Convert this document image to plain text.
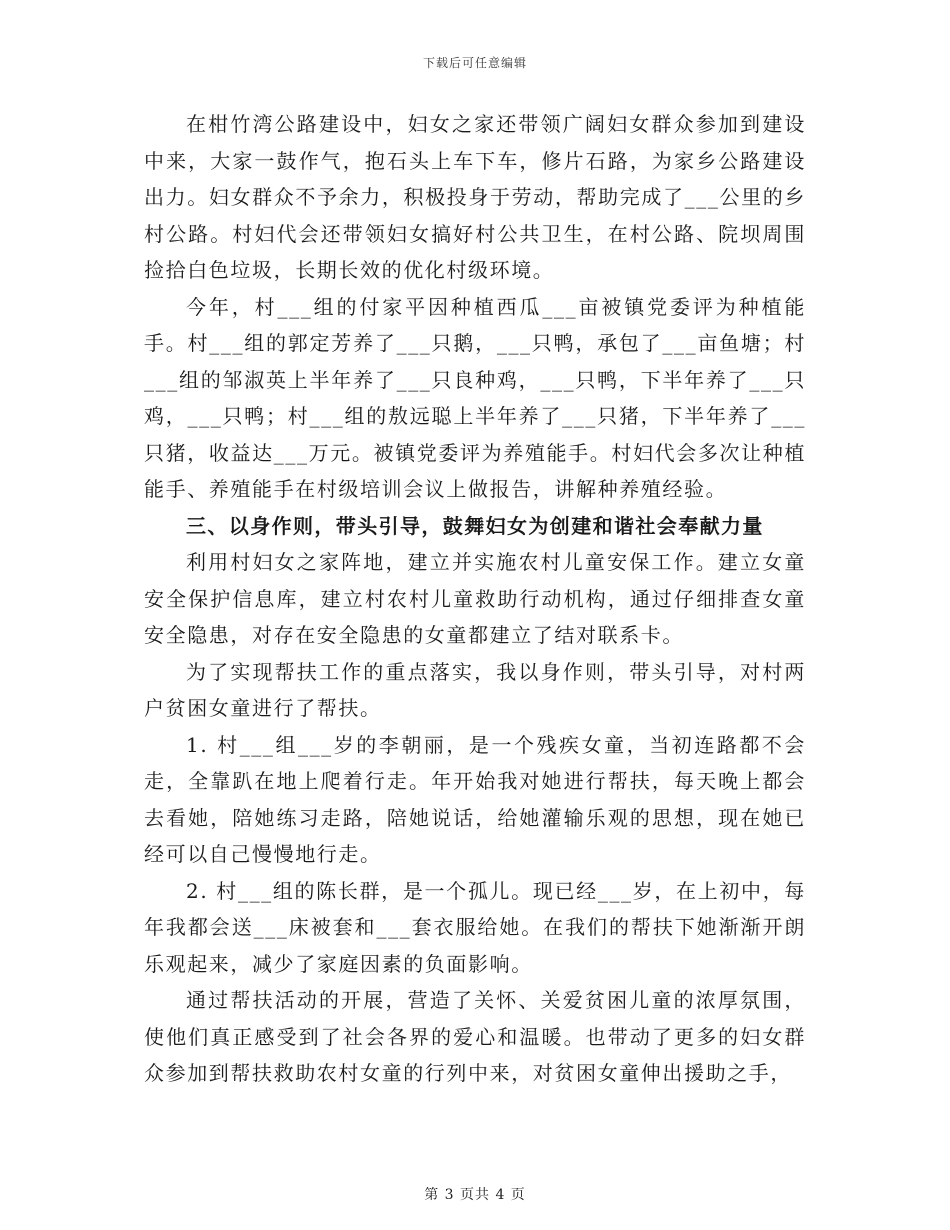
下载后可任意编辑

在柑竹湾公路建设中，妇女之家还带领广阔妇女群众参加到建设中来，大家一鼓作气，抱石头上车下车，修片石路，为家乡公路建设出力。妇女群众不予余力，积极投身于劳动，帮助完成了___公里的乡村公路。村妇代会还带领妇女搞好村公共卫生，在村公路、院坝周围捡拾白色垃圾，长期长效的优化村级环境。

今年，村___组的付家平因种植西瓜___亩被镇党委评为种植能手。村___组的郭定芳养了___只鹅，___只鸭，承包了___亩鱼塘；村___组的邹淑英上半年养了___只良种鸡，___只鸭，下半年养了___只鸡，___只鸭；村___组的敖远聪上半年养了___只猪，下半年养了___只猪，收益达___万元。被镇党委评为养殖能手。村妇代会多次让种植能手、养殖能手在村级培训会议上做报告，讲解种养殖经验。

三、以身作则，带头引导，鼓舞妇女为创建和谐社会奉献力量

利用村妇女之家阵地，建立并实施农村儿童安保工作。建立女童安全保护信息库，建立村农村儿童救助行动机构，通过仔细排查女童安全隐患，对存在安全隐患的女童都建立了结对联系卡。

为了实现帮扶工作的重点落实，我以身作则，带头引导，对村两户贫困女童进行了帮扶。

1. 村___组___岁的李朝丽，是一个残疾女童，当初连路都不会走，全靠趴在地上爬着行走。年开始我对她进行帮扶，每天晚上都会去看她，陪她练习走路，陪她说话，给她灌输乐观的思想，现在她已经可以自己慢慢地行走。

2. 村___组的陈长群，是一个孤儿。现已经___岁，在上初中，每年我都会送___床被套和___套衣服给她。在我们的帮扶下她渐渐开朗乐观起来，减少了家庭因素的负面影响。

通过帮扶活动的开展，营造了关怀、关爱贫困儿童的浓厚氛围，使他们真正感受到了社会各界的爱心和温暖。也带动了更多的妇女群众参加到帮扶救助农村女童的行列中来，对贫困女童伸出援助之手，

第 3 页共 4 页
